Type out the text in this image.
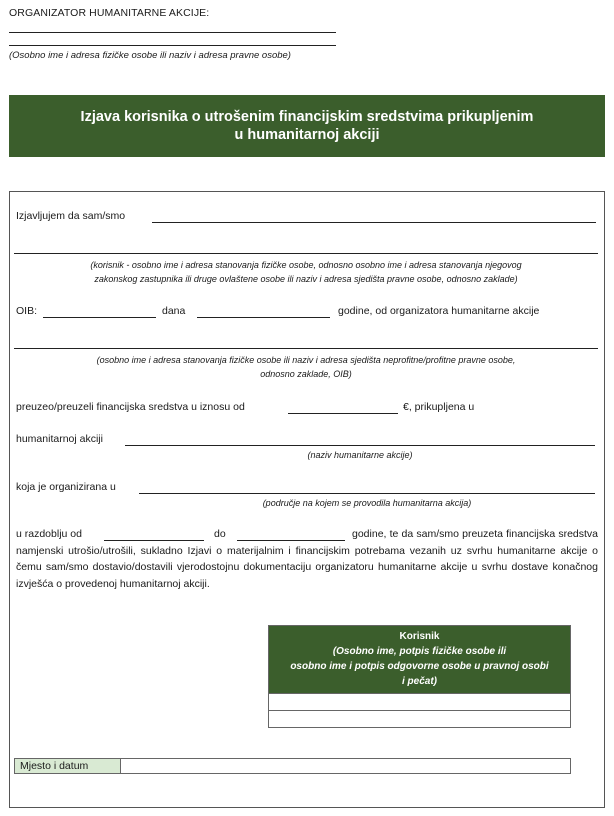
ORGANIZATOR HUMANITARNE AKCIJE:
(Osobno ime i adresa fizičke osobe ili naziv i adresa pravne osobe)
Izjava korisnika o utrošenim financijskim sredstvima prikupljenim
u humanitarnoj akciji
Izjavljujem da sam/smo
(korisnik - osobno ime i adresa stanovanja fizičke osobe, odnosno osobno ime i adresa stanovanja njegovog
zakonskog zastupnika ili druge ovlaštene osobe ili naziv i adresa sjedišta pravne osobe, odnosno zaklade)
OIB:	dana	godine, od organizatora humanitarne akcije
(osobno ime i adresa stanovanja fizičke osobe ili naziv i adresa sjedišta neprofitne/profitne pravne osobe,
odnosno zaklade, OIB)
preuzeo/preuzeli financijska sredstva u iznosu od	€, prikupljena u
humanitarnoj akciji
(naziv humanitarne akcije)
koja je organizirana u
(područje na kojem se provodila humanitarna akcija)
u razdoblju od	do	godine, te da sam/smo preuzeta financijska sredstva namjenski utrošio/utrošili, sukladno Izjavi o materijalnim i financijskim potrebama vezanih uz svrhu humanitarne akcije o čemu sam/smo dostavio/dostavili vjerodostojnu dokumentaciju organizatoru humanitarne akcije u svrhu dostave konačnog izvješća o provedenoj humanitarnoj akciji.
Korisnik
(Osobno ime, potpis fizičke osobe ili
osobno ime i potpis odgovorne osobe u pravnoj osobi
i pečat)
Mjesto i datum
